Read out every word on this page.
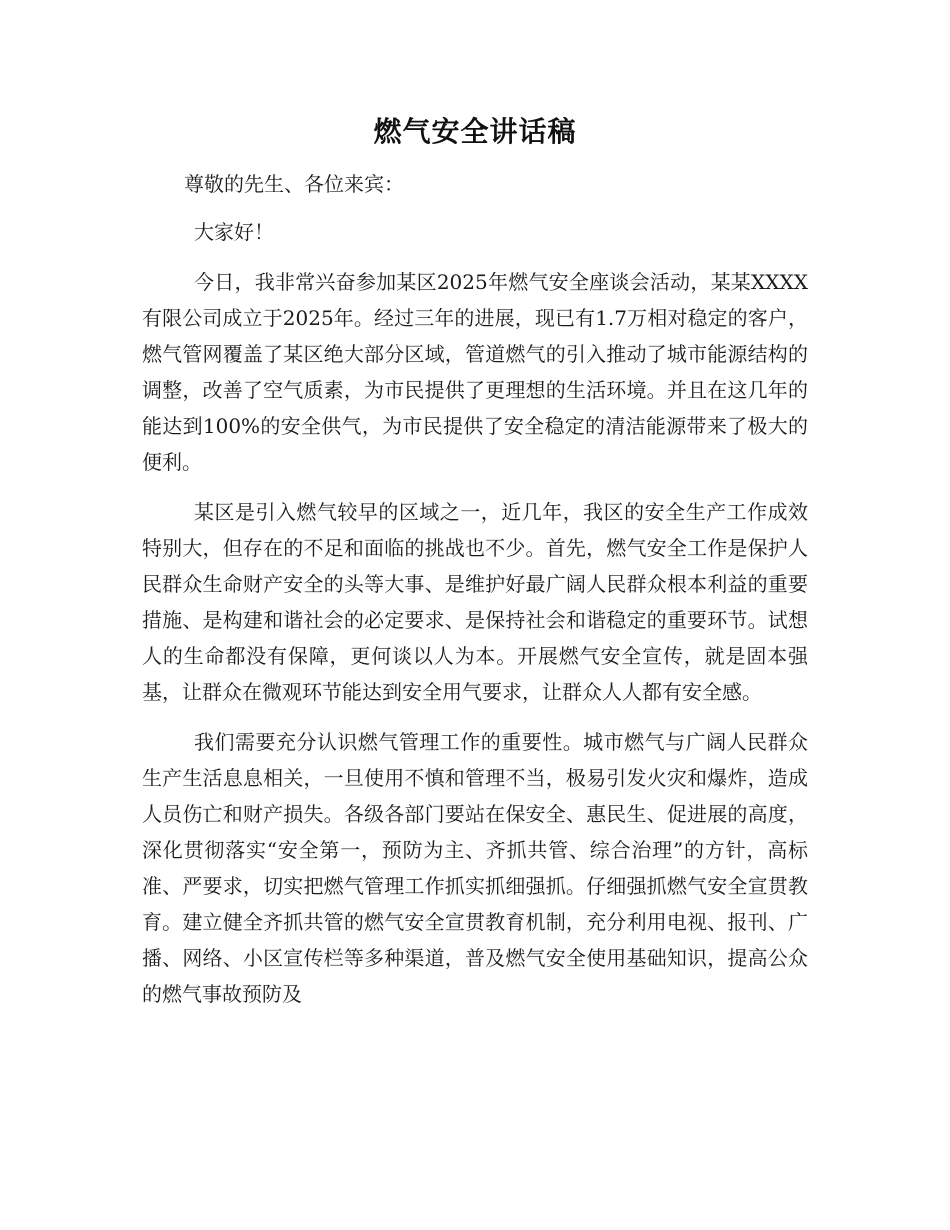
燃气安全讲话稿

尊敬的先生、各位来宾：

大家好！

今日，我非常兴奋参加某区2025年燃气安全座谈会活动，某某XXXX有限公司成立于2025年。经过三年的进展，现已有1.7万相对稳定的客户，燃气管网覆盖了某区绝大部分区域，管道燃气的引入推动了城市能源结构的调整，改善了空气质素，为市民提供了更理想的生活环境。并且在这几年的能达到100%的安全供气，为市民提供了安全稳定的清洁能源带来了极大的便利。

某区是引入燃气较早的区域之一，近几年，我区的安全生产工作成效特别大，但存在的不足和面临的挑战也不少。首先，燃气安全工作是保护人民群众生命财产安全的头等大事、是维护好最广阔人民群众根本利益的重要措施、是构建和谐社会的必定要求、是保持社会和谐稳定的重要环节。试想人的生命都没有保障，更何谈以人为本。开展燃气安全宣传，就是固本强基，让群众在微观环节能达到安全用气要求，让群众人人都有安全感。

我们需要充分认识燃气管理工作的重要性。城市燃气与广阔人民群众生产生活息息相关，一旦使用不慎和管理不当，极易引发火灾和爆炸，造成人员伤亡和财产损失。各级各部门要站在保安全、惠民生、促进展的高度，深化贯彻落实“安全第一，预防为主、齐抓共管、综合治理”的方针，高标准、严要求，切实把燃气管理工作抓实抓细强抓。仔细强抓燃气安全宣贯教育。建立健全齐抓共管的燃气安全宣贯教育机制，充分利用电视、报刊、广播、网络、小区宣传栏等多种渠道，普及燃气安全使用基础知识，提高公众的燃气事故预防及
